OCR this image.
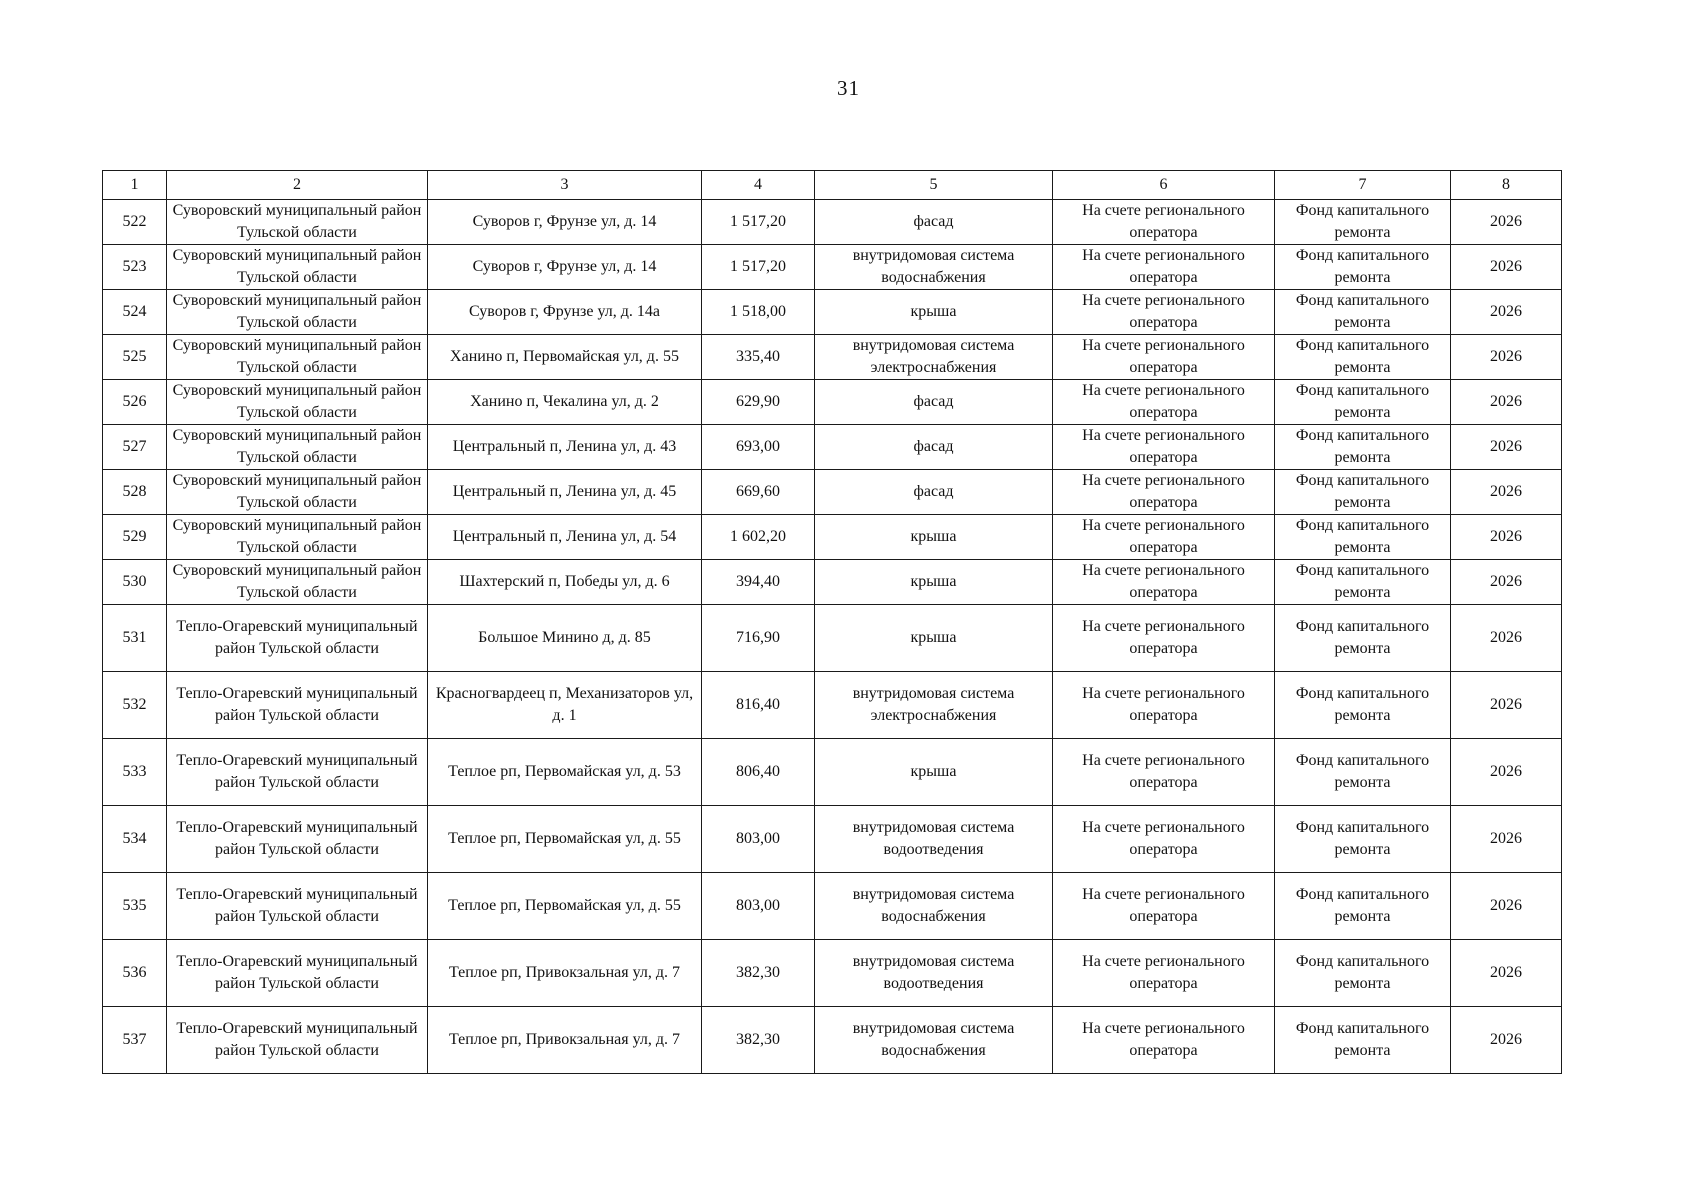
31
1	2	3	4	5	6	7	8
522	Суворовский муниципальный район Тульской области	Суворов г, Фрунзе ул, д. 14	1 517,20	фасад	На счете регионального оператора	Фонд капитального ремонта	2026
523	Суворовский муниципальный район Тульской области	Суворов г, Фрунзе ул, д. 14	1 517,20	внутридомовая система водоснабжения	На счете регионального оператора	Фонд капитального ремонта	2026
524	Суворовский муниципальный район Тульской области	Суворов г, Фрунзе ул, д. 14а	1 518,00	крыша	На счете регионального оператора	Фонд капитального ремонта	2026
525	Суворовский муниципальный район Тульской области	Ханино п, Первомайская ул, д. 55	335,40	внутридомовая система электроснабжения	На счете регионального оператора	Фонд капитального ремонта	2026
526	Суворовский муниципальный район Тульской области	Ханино п, Чекалина ул, д. 2	629,90	фасад	На счете регионального оператора	Фонд капитального ремонта	2026
527	Суворовский муниципальный район Тульской области	Центральный п, Ленина ул, д. 43	693,00	фасад	На счете регионального оператора	Фонд капитального ремонта	2026
528	Суворовский муниципальный район Тульской области	Центральный п, Ленина ул, д. 45	669,60	фасад	На счете регионального оператора	Фонд капитального ремонта	2026
529	Суворовский муниципальный район Тульской области	Центральный п, Ленина ул, д. 54	1 602,20	крыша	На счете регионального оператора	Фонд капитального ремонта	2026
530	Суворовский муниципальный район Тульской области	Шахтерский п, Победы ул, д. 6	394,40	крыша	На счете регионального оператора	Фонд капитального ремонта	2026
531	Тепло-Огаревский муниципальный район Тульской области	Большое Минино д, д. 85	716,90	крыша	На счете регионального оператора	Фонд капитального ремонта	2026
532	Тепло-Огаревский муниципальный район Тульской области	Красногвардеец п, Механизаторов ул, д. 1	816,40	внутридомовая система электроснабжения	На счете регионального оператора	Фонд капитального ремонта	2026
533	Тепло-Огаревский муниципальный район Тульской области	Теплое рп, Первомайская ул, д. 53	806,40	крыша	На счете регионального оператора	Фонд капитального ремонта	2026
534	Тепло-Огаревский муниципальный район Тульской области	Теплое рп, Первомайская ул, д. 55	803,00	внутридомовая система водоотведения	На счете регионального оператора	Фонд капитального ремонта	2026
535	Тепло-Огаревский муниципальный район Тульской области	Теплое рп, Первомайская ул, д. 55	803,00	внутридомовая система водоснабжения	На счете регионального оператора	Фонд капитального ремонта	2026
536	Тепло-Огаревский муниципальный район Тульской области	Теплое рп, Привокзальная ул, д. 7	382,30	внутридомовая система водоотведения	На счете регионального оператора	Фонд капитального ремонта	2026
537	Тепло-Огаревский муниципальный район Тульской области	Теплое рп, Привокзальная ул, д. 7	382,30	внутридомовая система водоснабжения	На счете регионального оператора	Фонд капитального ремонта	2026
